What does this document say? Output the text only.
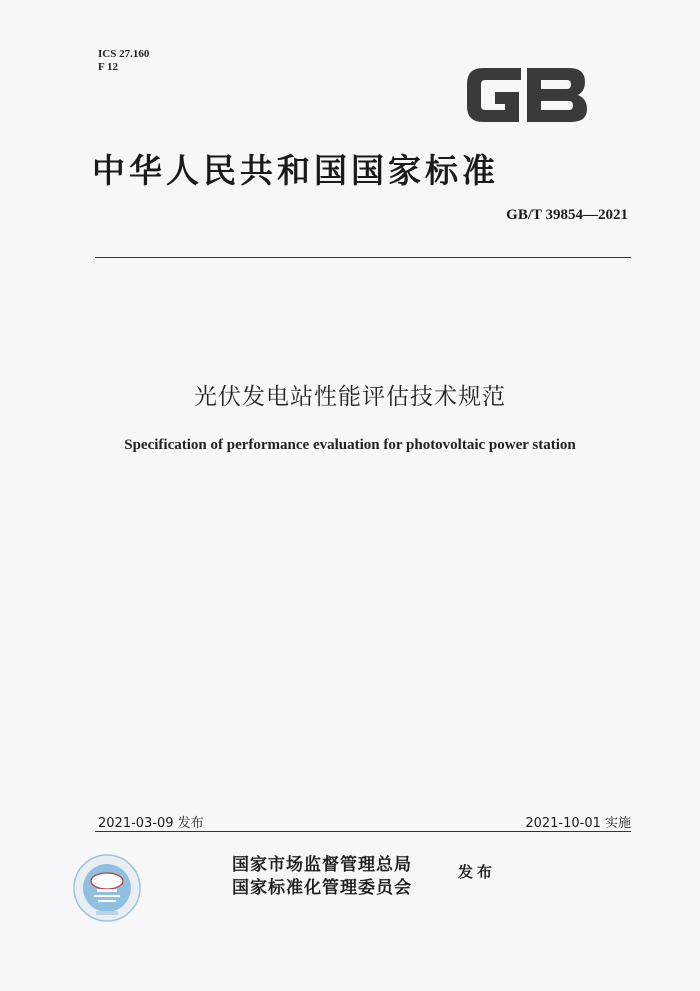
ICS 27.160
F 12
中华人民共和国国家标准
GB/T 39854—2021
光伏发电站性能评估技术规范
Specification of performance evaluation for photovoltaic power station
2021-03-09 发布	2021-10-01 实施
国家市场监督管理总局
国家标准化管理委员会
发布
